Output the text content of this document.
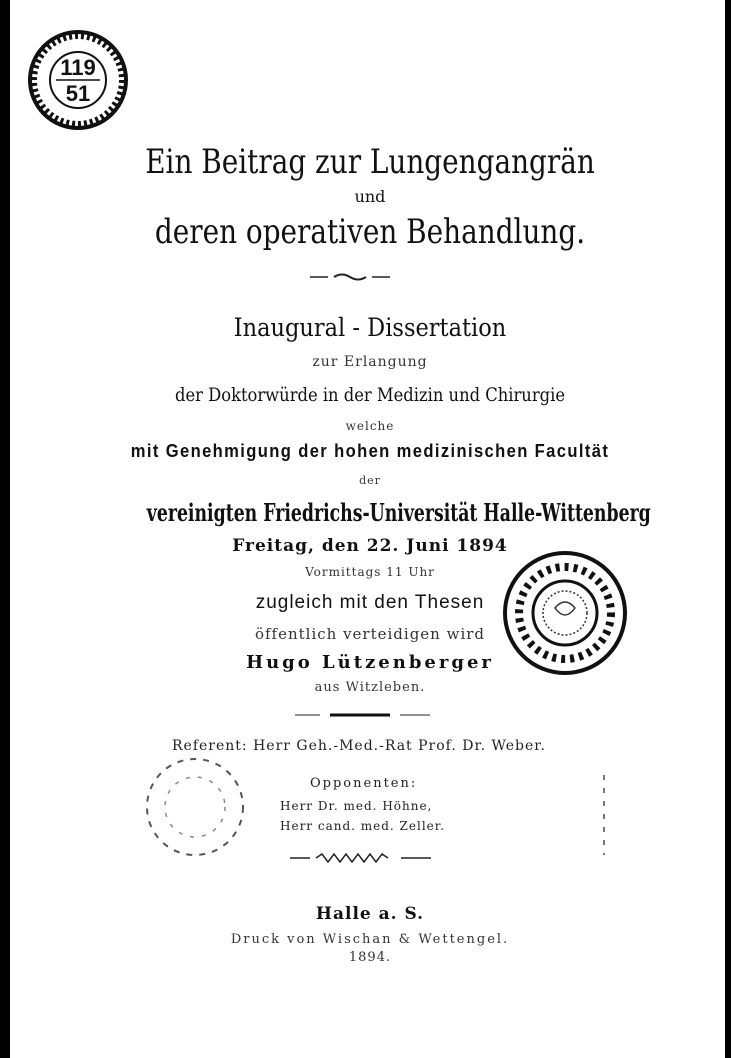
119
51
Ein Beitrag zur Lungengangrän
und
deren operativen Behandlung.
Inaugural - Dissertation
zur Erlangung
der Doktorwürde in der Medizin und Chirurgie
welche
mit Genehmigung der hohen medizinischen Facultät
der
vereinigten Friedrichs-Universität Halle-Wittenberg
Freitag, den 22. Juni 1894
Vormittags 11 Uhr
zugleich mit den Thesen
öffentlich verteidigen wird
Hugo Lützenberger
aus Witzleben.
Referent: Herr Geh.-Med.-Rat Prof. Dr. Weber.
Opponenten:
Herr Dr. med. Höhne,
Herr cand. med. Zeller.
Halle a. S.
Druck von Wischan & Wettengel.
1894.
